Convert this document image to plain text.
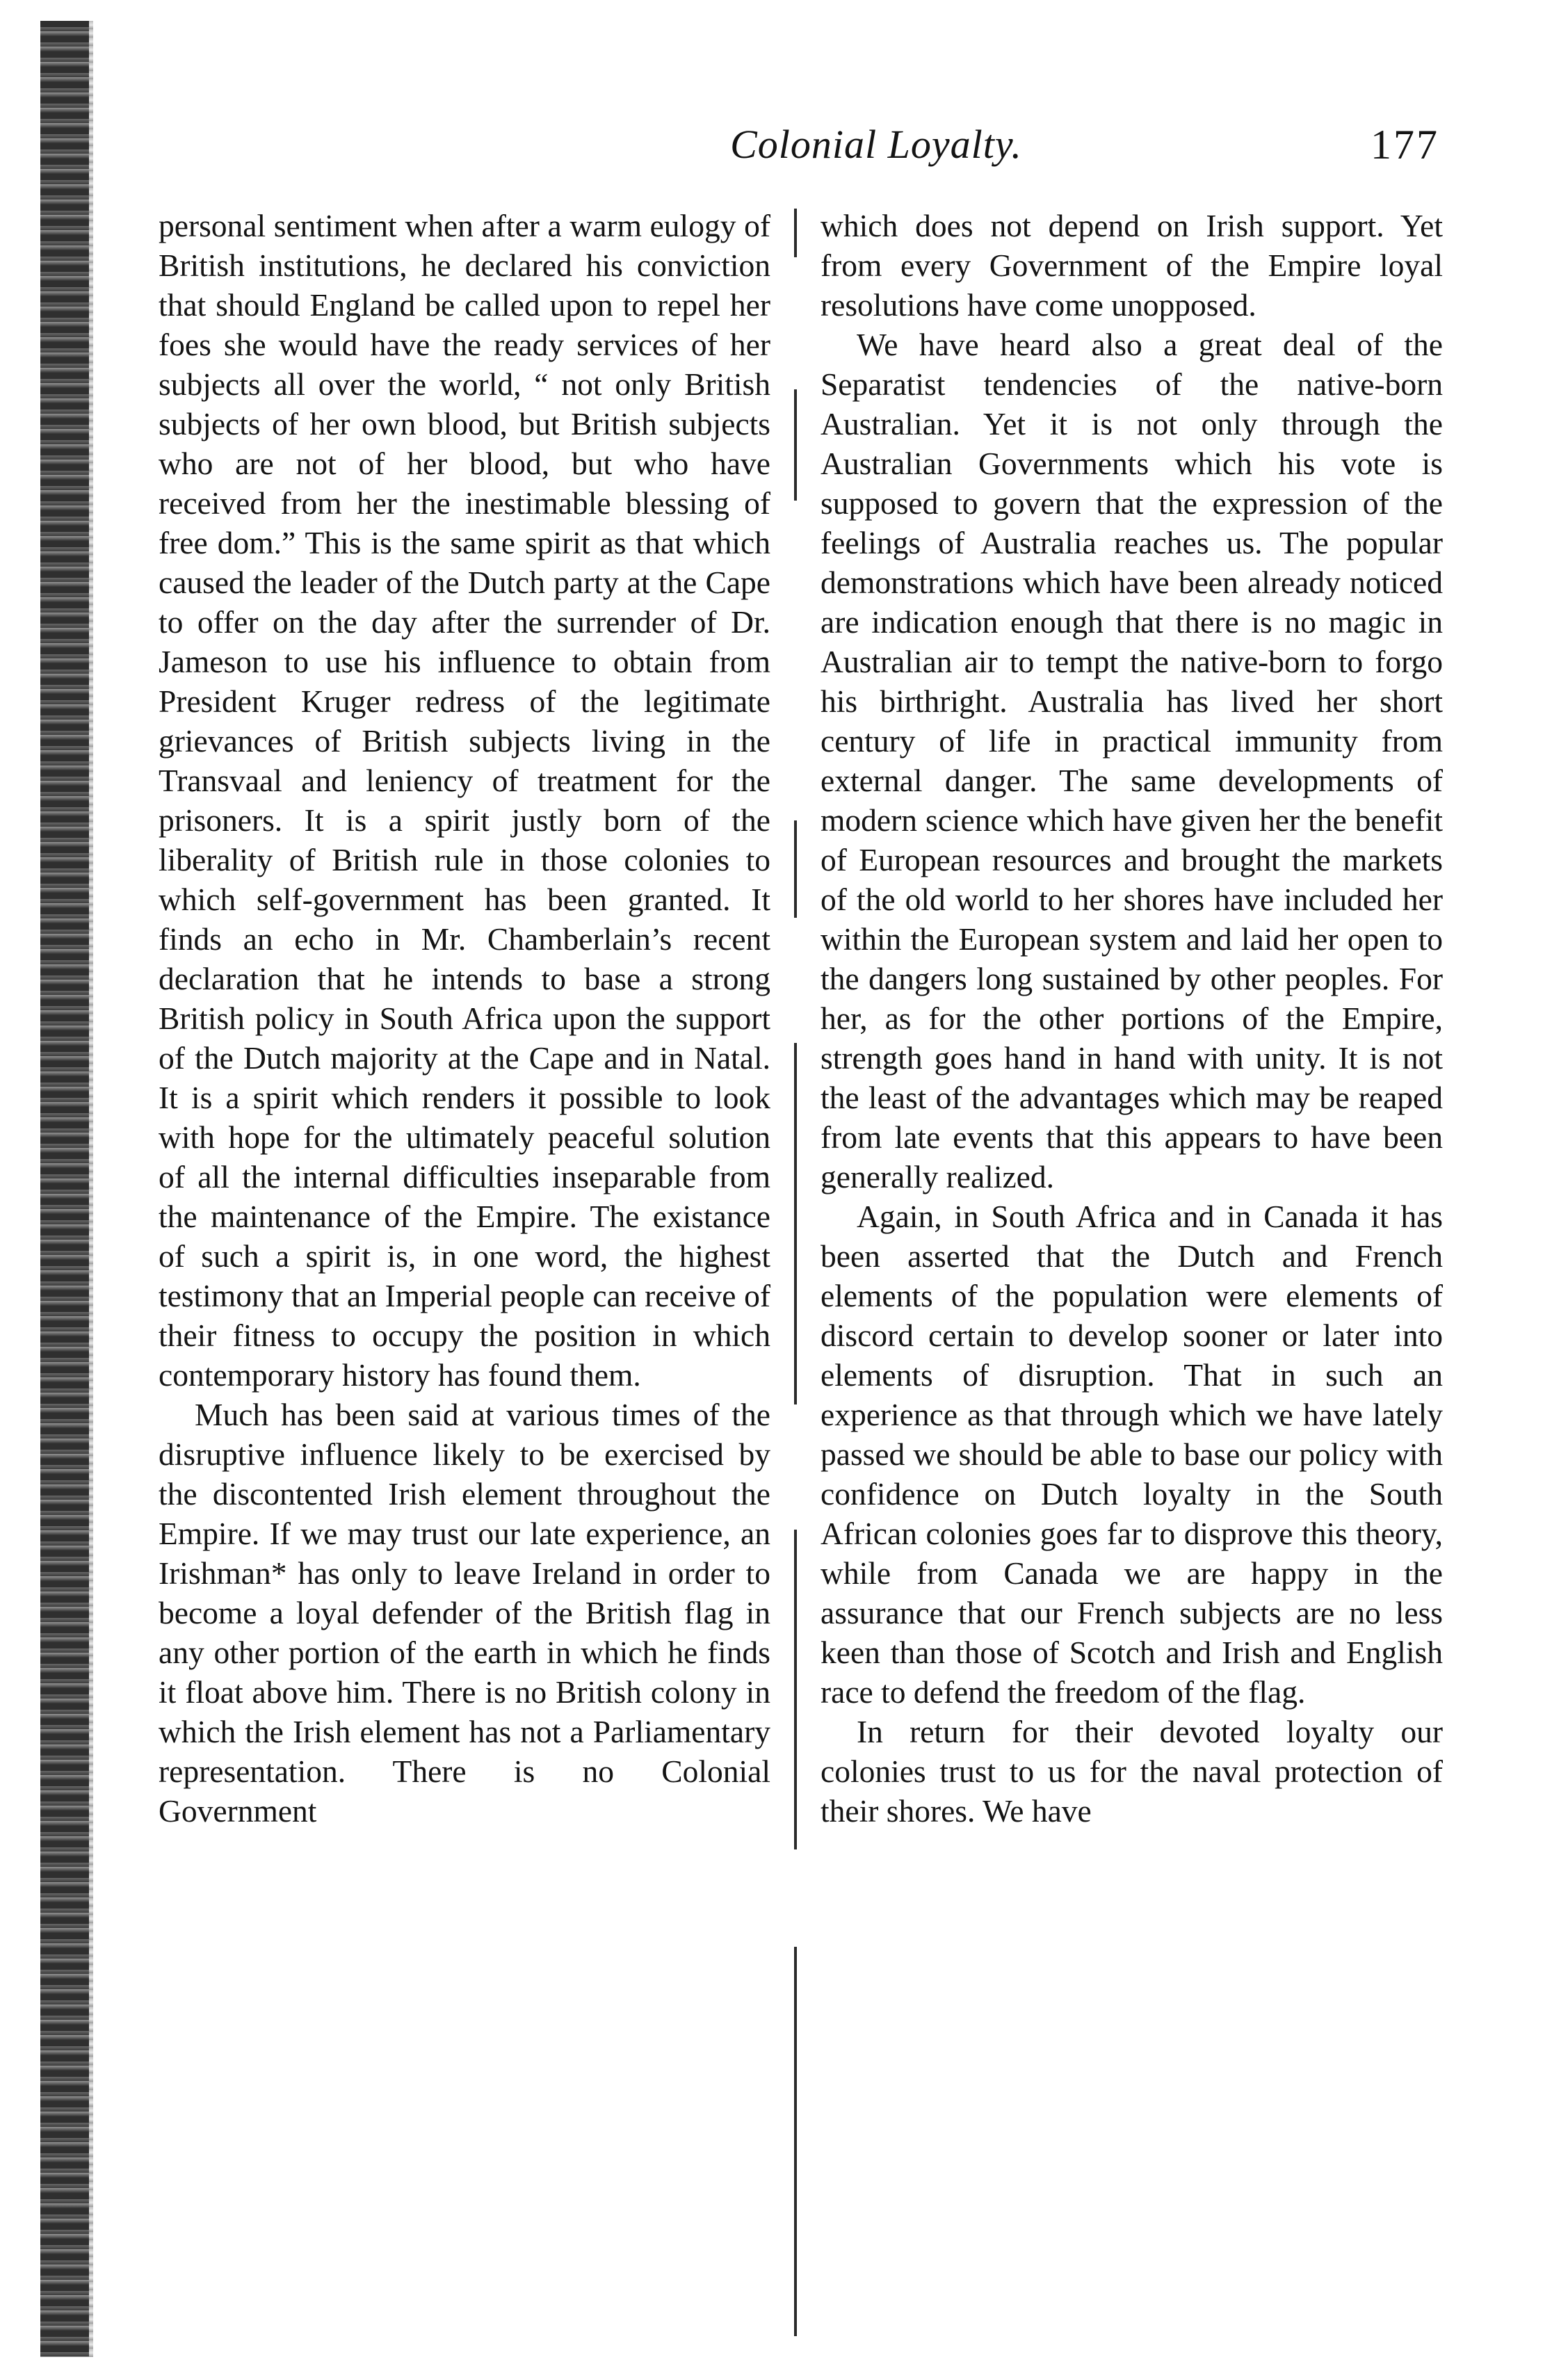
Colonial Loyalty.	177

personal sentiment when after a warm eulogy of British institutions, he declared his conviction that should England be called upon to repel her foes she would have the ready services of her subjects all over the world, “ not only British subjects of her own blood, but British subjects who are not of her blood, but who have received from her the inestimable blessing of free dom.” This is the same spirit as that which caused the leader of the Dutch party at the Cape to offer on the day after the surrender of Dr. Jameson to use his influence to obtain from President Kruger redress of the legitimate grievances of British subjects living in the Transvaal and leniency of treatment for the prisoners. It is a spirit justly born of the liberality of British rule in those colonies to which self-government has been granted. It finds an echo in Mr. Chamberlain’s recent declaration that he intends to base a strong British policy in South Africa upon the support of the Dutch majority at the Cape and in Natal. It is a spirit which renders it possible to look with hope for the ultimately peaceful solution of all the internal difficulties inseparable from the maintenance of the Empire. The existance of such a spirit is, in one word, the highest testimony that an Imperial people can receive of their fitness to occupy the position in which contemporary history has found them.

Much has been said at various times of the disruptive influence likely to be exercised by the discontented Irish element throughout the Empire. If we may trust our late experience, an Irishman* has only to leave Ireland in order to become a loyal defender of the British flag in any other portion of the earth in which he finds it float above him. There is no British colony in which the Irish element has not a Parliamentary representation. There is no Colonial Government

which does not depend on Irish support. Yet from every Government of the Empire loyal resolutions have come unopposed.

We have heard also a great deal of the Separatist tendencies of the native-born Australian. Yet it is not only through the Australian Governments which his vote is supposed to govern that the expression of the feelings of Australia reaches us. The popular demonstrations which have been already noticed are indication enough that there is no magic in Australian air to tempt the native-born to forgo his birthright. Australia has lived her short century of life in practical immunity from external danger. The same developments of modern science which have given her the benefit of European resources and brought the markets of the old world to her shores have included her within the European system and laid her open to the dangers long sustained by other peoples. For her, as for the other portions of the Empire, strength goes hand in hand with unity. It is not the least of the advantages which may be reaped from late events that this appears to have been generally realized.

Again, in South Africa and in Canada it has been asserted that the Dutch and French elements of the population were elements of discord certain to develop sooner or later into elements of disruption. That in such an experience as that through which we have lately passed we should be able to base our policy with confidence on Dutch loyalty in the South African colonies goes far to disprove this theory, while from Canada we are happy in the assurance that our French subjects are no less keen than those of Scotch and Irish and English race to defend the freedom of the flag.

In return for their devoted loyalty our colonies trust to us for the naval protection of their shores. We have
